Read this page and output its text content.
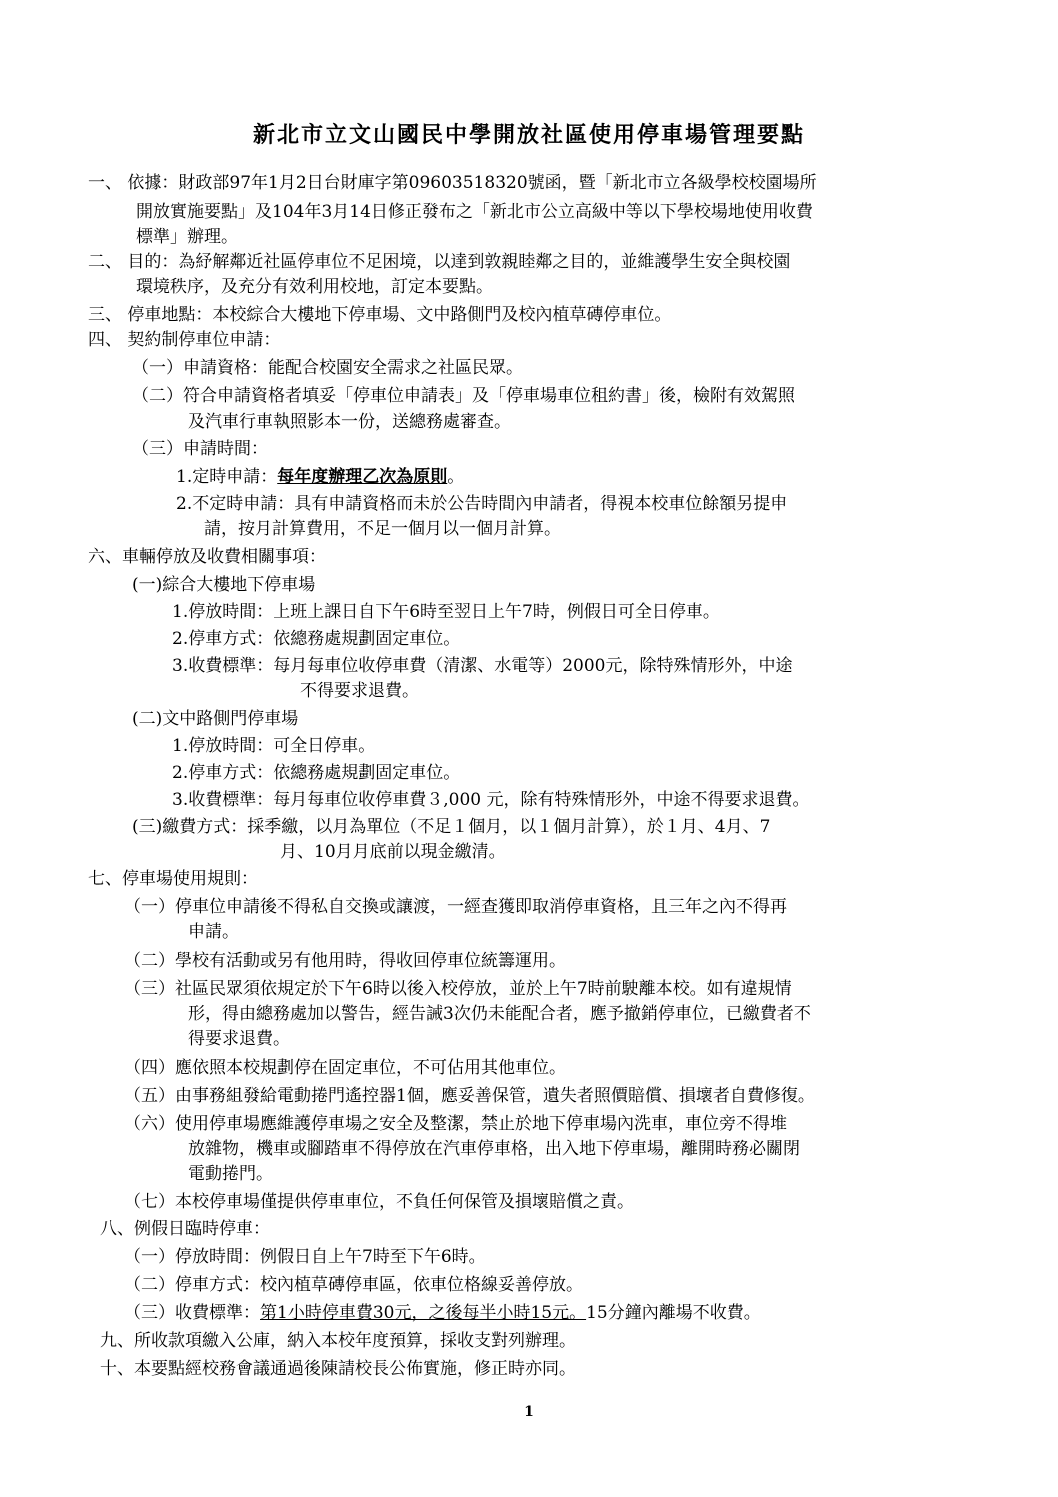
新北市立文山國民中學開放社區使用停車場管理要點
一、 依據：財政部97年1月2日台財庫字第09603518320號函，暨「新北市立各級學校校園場所
開放實施要點」及104年3月14日修正發布之「新北市公立高級中等以下學校場地使用收費
標準」辦理。
二、 目的：為紓解鄰近社區停車位不足困境，以達到敦親睦鄰之目的，並維護學生安全與校園
環境秩序，及充分有效利用校地，訂定本要點。
三、 停車地點：本校綜合大樓地下停車場、文中路側門及校內植草磚停車位。
四、 契約制停車位申請：
（一）申請資格：能配合校園安全需求之社區民眾。
（二）符合申請資格者填妥「停車位申請表」及「停車場車位租約書」後，檢附有效駕照
及汽車行車執照影本一份，送總務處審查。
（三）申請時間：
1.定時申請：每年度辦理乙次為原則。
2.不定時申請：具有申請資格而未於公告時間內申請者，得視本校車位餘額另提申
請，按月計算費用，不足一個月以一個月計算。
六、車輛停放及收費相關事項：
(一)綜合大樓地下停車場
1.停放時間：上班上課日自下午6時至翌日上午7時，例假日可全日停車。
2.停車方式：依總務處規劃固定車位。
3.收費標準：每月每車位收停車費（清潔、水電等）2000元，除特殊情形外，中途
不得要求退費。
(二)文中路側門停車場
1.停放時間：可全日停車。
2.停車方式：依總務處規劃固定車位。
3.收費標準：每月每車位收停車費３,000 元，除有特殊情形外，中途不得要求退費。
(三)繳費方式：採季繳，以月為單位（不足１個月，以１個月計算），於１月、4月、7
月、10月月底前以現金繳清。
七、停車場使用規則：
（一）停車位申請後不得私自交換或讓渡，一經查獲即取消停車資格，且三年之內不得再
申請。
（二）學校有活動或另有他用時，得收回停車位統籌運用。
（三）社區民眾須依規定於下午6時以後入校停放，並於上午7時前駛離本校。如有違規情
形，得由總務處加以警告，經告誡3次仍未能配合者，應予撤銷停車位，已繳費者不
得要求退費。
（四）應依照本校規劃停在固定車位，不可佔用其他車位。
（五）由事務組發給電動捲門遙控器1個，應妥善保管，遺失者照價賠償、損壞者自費修復。
（六）使用停車場應維護停車場之安全及整潔，禁止於地下停車場內洗車，車位旁不得堆
放雜物，機車或腳踏車不得停放在汽車停車格，出入地下停車場，離開時務必關閉
電動捲門。
（七）本校停車場僅提供停車車位，不負任何保管及損壞賠償之責。
八、例假日臨時停車：
（一）停放時間：例假日自上午7時至下午6時。
（二）停車方式：校內植草磚停車區，依車位格線妥善停放。
（三）收費標準：第1小時停車費30元，之後每半小時15元。15分鐘內離場不收費。
九、所收款項繳入公庫，納入本校年度預算，採收支對列辦理。
十、本要點經校務會議通過後陳請校長公佈實施，修正時亦同。
1
